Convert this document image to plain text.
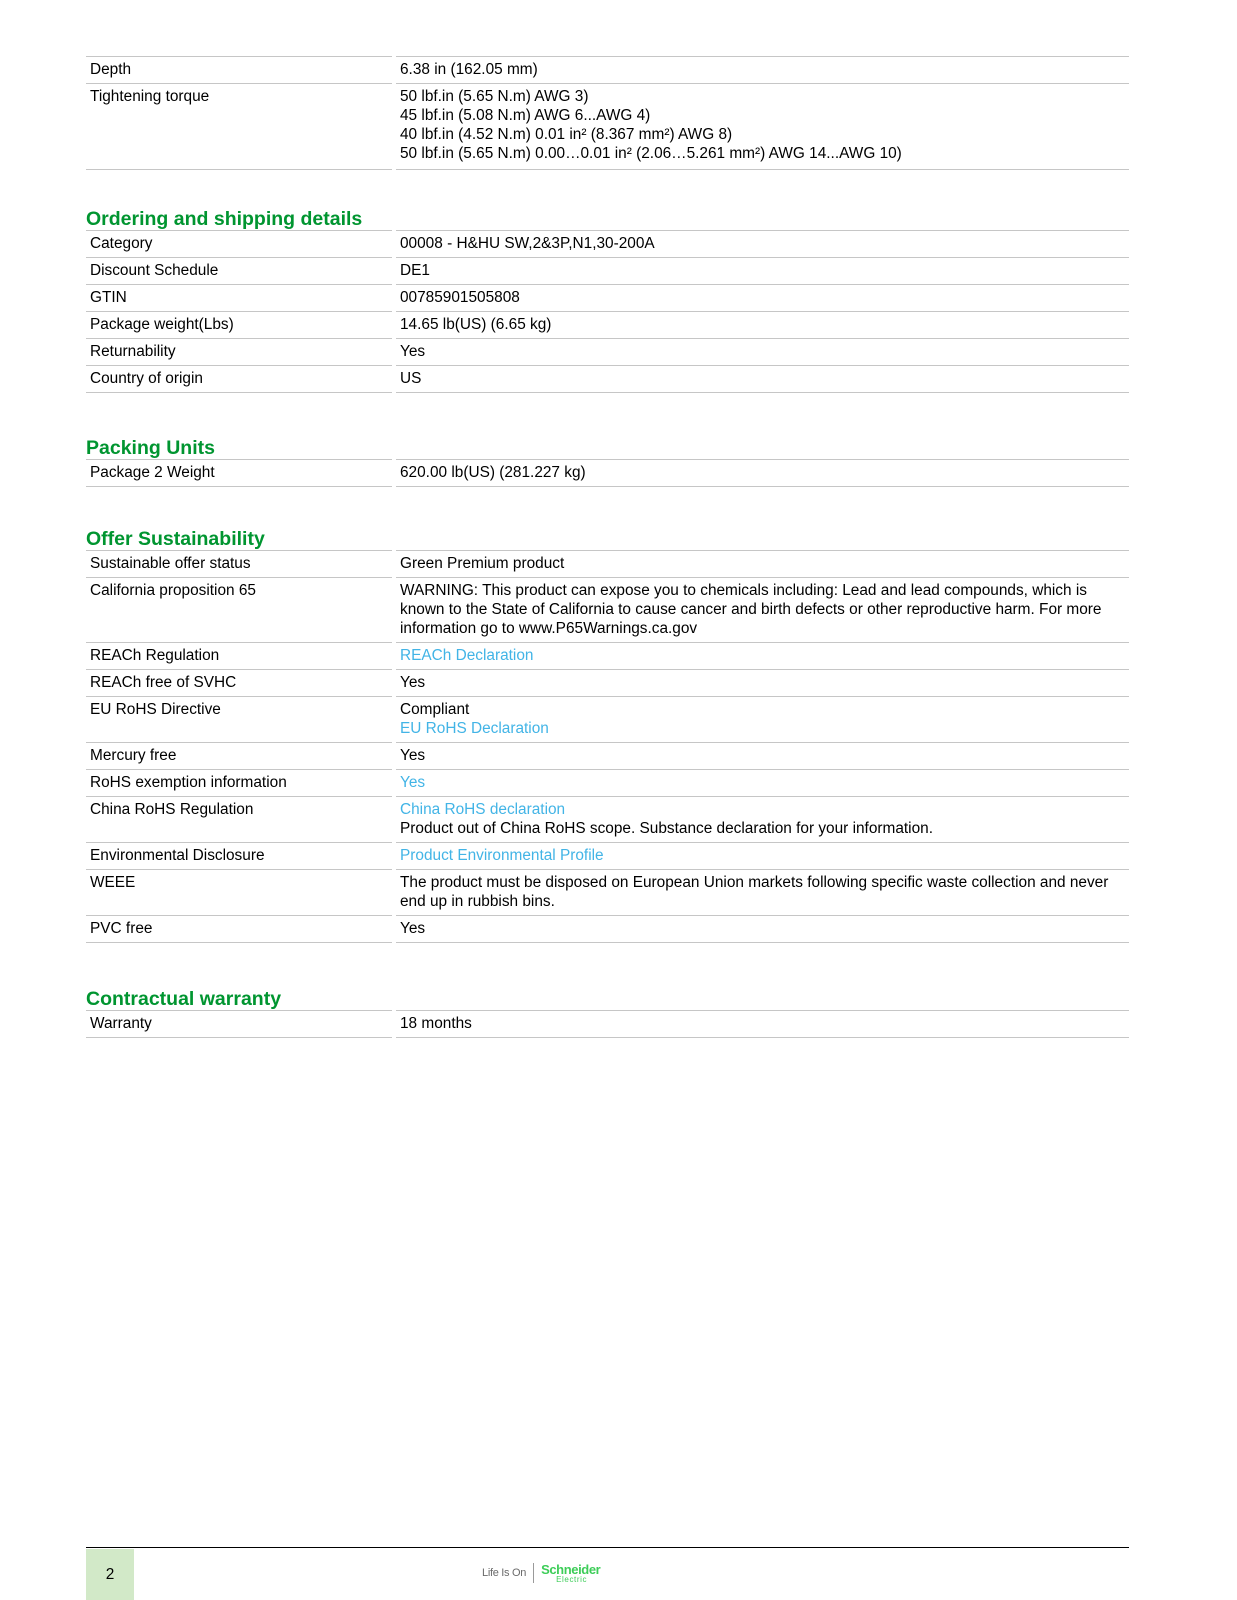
Depth		6.38 in (162.05 mm)

Tightening torque		50 lbf.in (5.65 N.m) AWG 3)
45 lbf.in (5.08 N.m) AWG 6...AWG 4)
40 lbf.in (4.52 N.m) 0.01 in² (8.367 mm²) AWG 8)
50 lbf.in (5.65 N.m) 0.00…0.01 in² (2.06…5.261 mm²) AWG 14...AWG 10)
Ordering and shipping details
Category		00008 - H&HU SW,2&3P,N1,30-200A
Discount Schedule		DE1
GTIN		00785901505808
Package weight(Lbs)		14.65 lb(US) (6.65 kg)
Returnability		Yes
Country of origin		US
Packing Units
Package 2 Weight		620.00 lb(US) (281.227 kg)
Offer Sustainability
Sustainable offer status		Green Premium product
California proposition 65		WARNING: This product can expose you to chemicals including: Lead and lead compounds, which is known to the State of California to cause cancer and birth defects or other reproductive harm. For more information go to www.P65Warnings.ca.gov
REACh Regulation		REACh Declaration

REACh free of SVHC		Yes
EU RoHS Directive		Compliant
EU RoHS Declaration

Mercury free		Yes
RoHS exemption information		Yes

China RoHS Regulation		China RoHS declaration
Product out of China RoHS scope. Substance declaration for your information.

Environmental Disclosure		Product Environmental Profile

WEEE		The product must be disposed on European Union markets following specific waste collection and never end up in rubbish bins.
PVC free		Yes
Contractual warranty
Warranty		18 months
2	Life Is On Schneider
Electric
